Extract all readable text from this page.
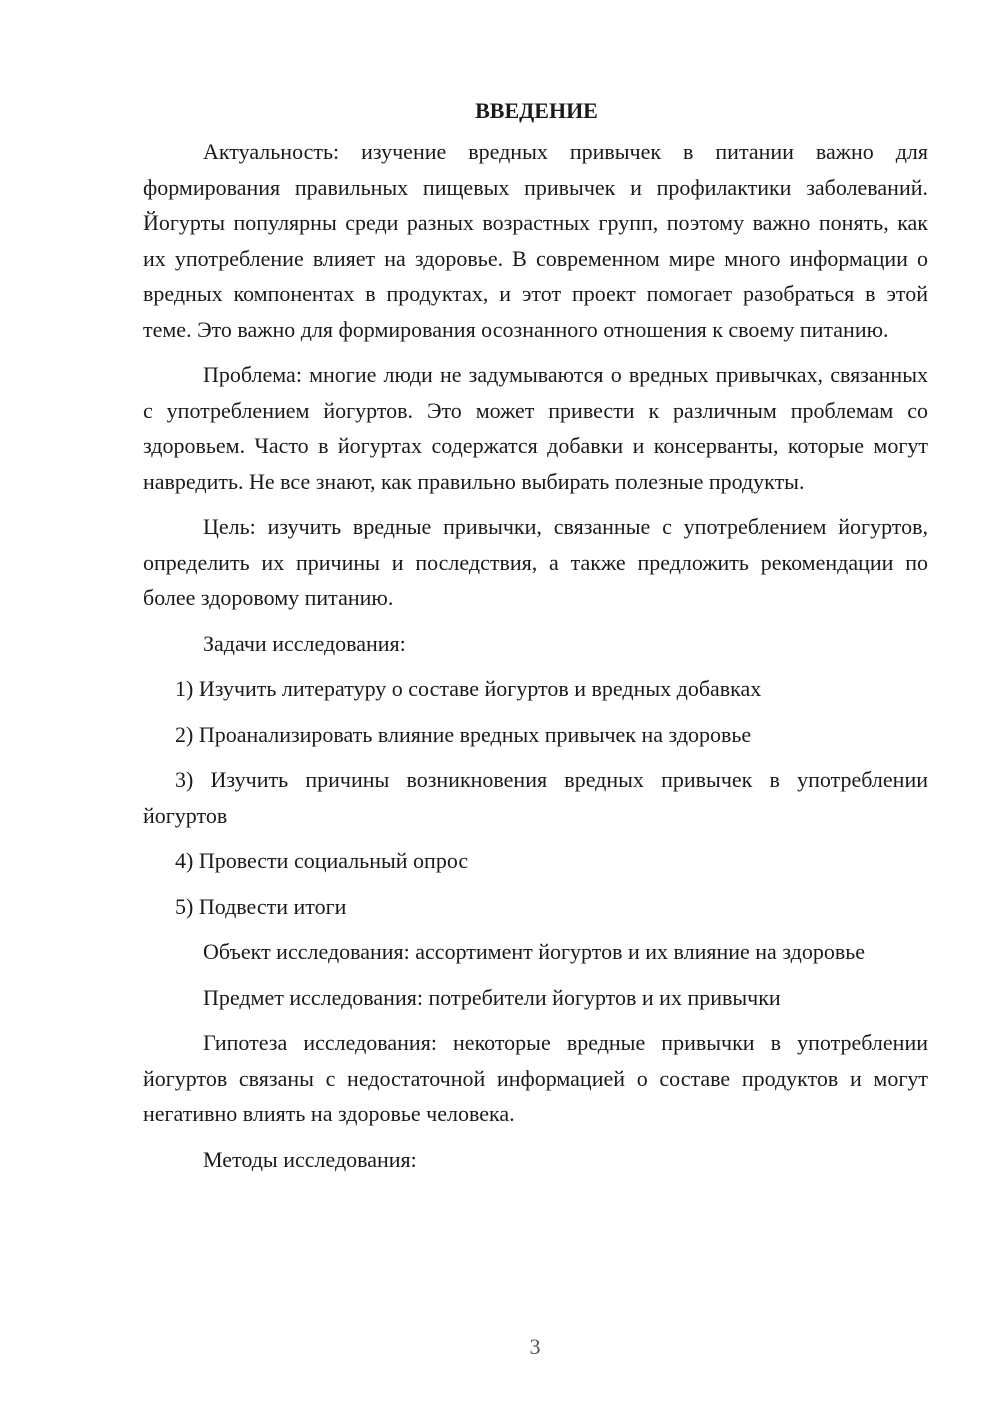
ВВЕДЕНИЕ

Актуальность: изучение вредных привычек в питании важно для формирования правильных пищевых привычек и профилактики заболеваний. Йогурты популярны среди разных возрастных групп, поэтому важно понять, как их употребление влияет на здоровье. В современном мире много информации о вредных компонентах в продуктах, и этот проект помогает разобраться в этой теме. Это важно для формирования осознанного отношения к своему питанию.

Проблема: многие люди не задумываются о вредных привычках, связанных с употреблением йогуртов. Это может привести к различным проблемам со здоровьем. Часто в йогуртах содержатся добавки и консерванты, которые могут навредить. Не все знают, как правильно выбирать полезные продукты.

Цель: изучить вредные привычки, связанные с употреблением йогуртов, определить их причины и последствия, а также предложить рекомендации по более здоровому питанию.

Задачи исследования:

1) Изучить литературу о составе йогуртов и вредных добавках

2) Проанализировать влияние вредных привычек на здоровье

3) Изучить причины возникновения вредных привычек в употреблении йогуртов

4) Провести социальный опрос

5) Подвести итоги

Объект исследования: ассортимент йогуртов и их влияние на здоровье

Предмет исследования: потребители йогуртов и их привычки

Гипотеза исследования: некоторые вредные привычки в употреблении йогуртов связаны с недостаточной информацией о составе продуктов и могут негативно влиять на здоровье человека.

Методы исследования:

3
